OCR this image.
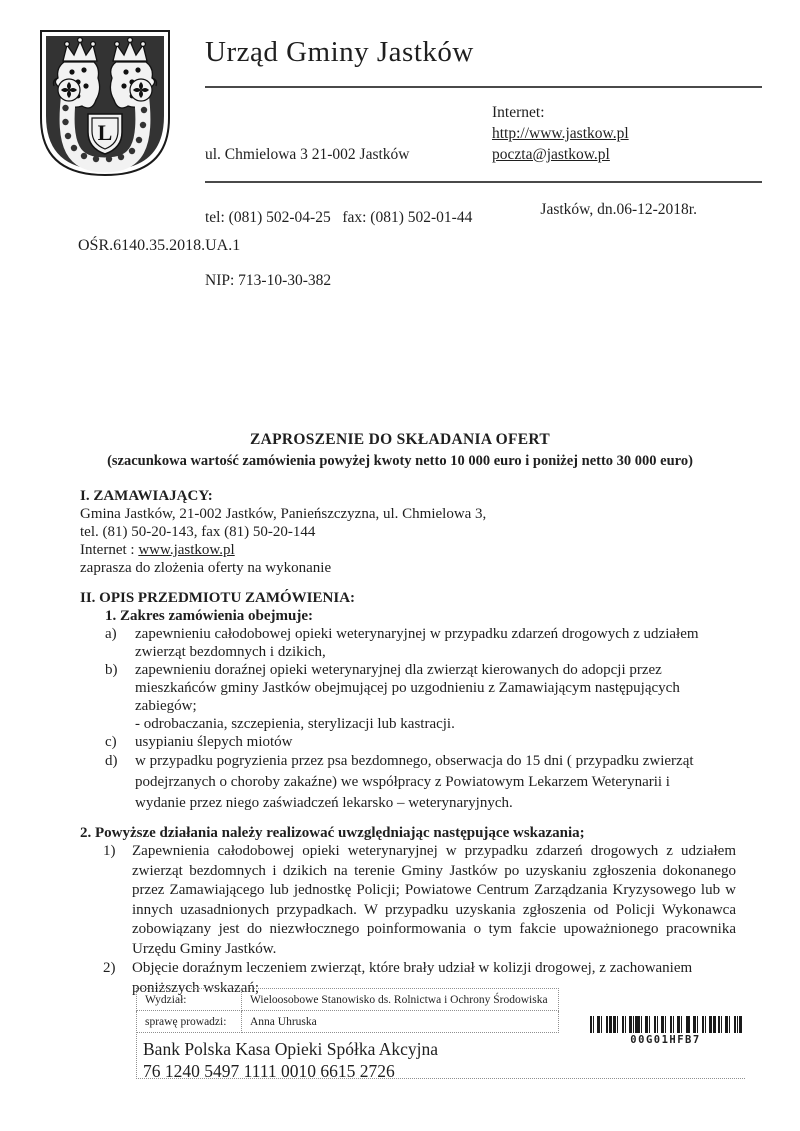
L
Urząd Gminy Jastków

ul. Chmielowa 3 21-002 Jastków

tel: (081) 502-04-25   fax: (081) 502-01-44

NIP: 713-10-30-382

Internet:
http://www.jastkow.pl
poczta@jastkow.pl
Jastków, dn.06-12-2018r.
OŚR.6140.35.2018.UA.1
ZAPROSZENIE DO SKŁADANIA OFERT
(szacunkowa wartość zamówienia powyżej kwoty netto 10 000 euro i poniżej netto 30 000 euro)
I. ZAMAWIAJĄCY:
Gmina Jastków, 21-002 Jastków, Panieńszczyzna, ul. Chmielowa 3,
tel. (81) 50-20-143, fax (81) 50-20-144
Internet : www.jastkow.pl
zaprasza do zlożenia oferty na wykonanie
II. OPIS PRZEDMIOTU ZAMÓWIENIA:
1. Zakres zamówienia obejmuje:
a)	zapewnieniu całodobowej opieki weterynaryjnej w przypadku zdarzeń drogowych z udziałem zwierząt bezdomnych i dzikich,
b)	zapewnieniu doraźnej opieki weterynaryjnej dla zwierząt kierowanych do adopcji przez mieszkańców gminy Jastków obejmującej po uzgodnieniu z Zamawiającym następujących zabiegów;
- odrobaczania, szczepienia, sterylizacji lub kastracji.
c)	usypianiu ślepych miotów
d)	w przypadku pogryzienia przez psa bezdomnego, obserwacja do 15 dni ( przypadku zwierząt podejrzanych o choroby zakaźne) we współpracy z Powiatowym Lekarzem Weterynarii i wydanie przez niego zaświadczeń lekarsko – weterynaryjnych.
2. Powyższe działania należy realizować uwzględniając następujące wskazania;
1)	Zapewnienia całodobowej opieki weterynaryjnej w przypadku zdarzeń drogowych z udziałem zwierząt bezdomnych i dzikich na terenie Gminy Jastków po uzyskaniu zgłoszenia dokonanego przez Zamawiającego lub jednostkę Policji; Powiatowe Centrum Zarządzania Kryzysowego lub w innych uzasadnionych przypadkach. W przypadku uzyskania zgłoszenia od Policji Wykonawca zobowiązany jest do niezwłocznego poinformowania o tym fakcie upoważnionego pracownika Urzędu Gminy Jastków.
2)	Objęcie doraźnym leczeniem zwierząt, które brały udział w kolizji drogowej, z zachowaniem poniższych wskazań;
Wydział:	Wieloosobowe Stanowisko ds. Rolnictwa i Ochrony Środowiska
sprawę prowadzi:	Anna Uhruska
Bank Polska Kasa Opieki Spółka Akcyjna
76 1240 5497 1111 0010 6615 2726
00G01HFB7
